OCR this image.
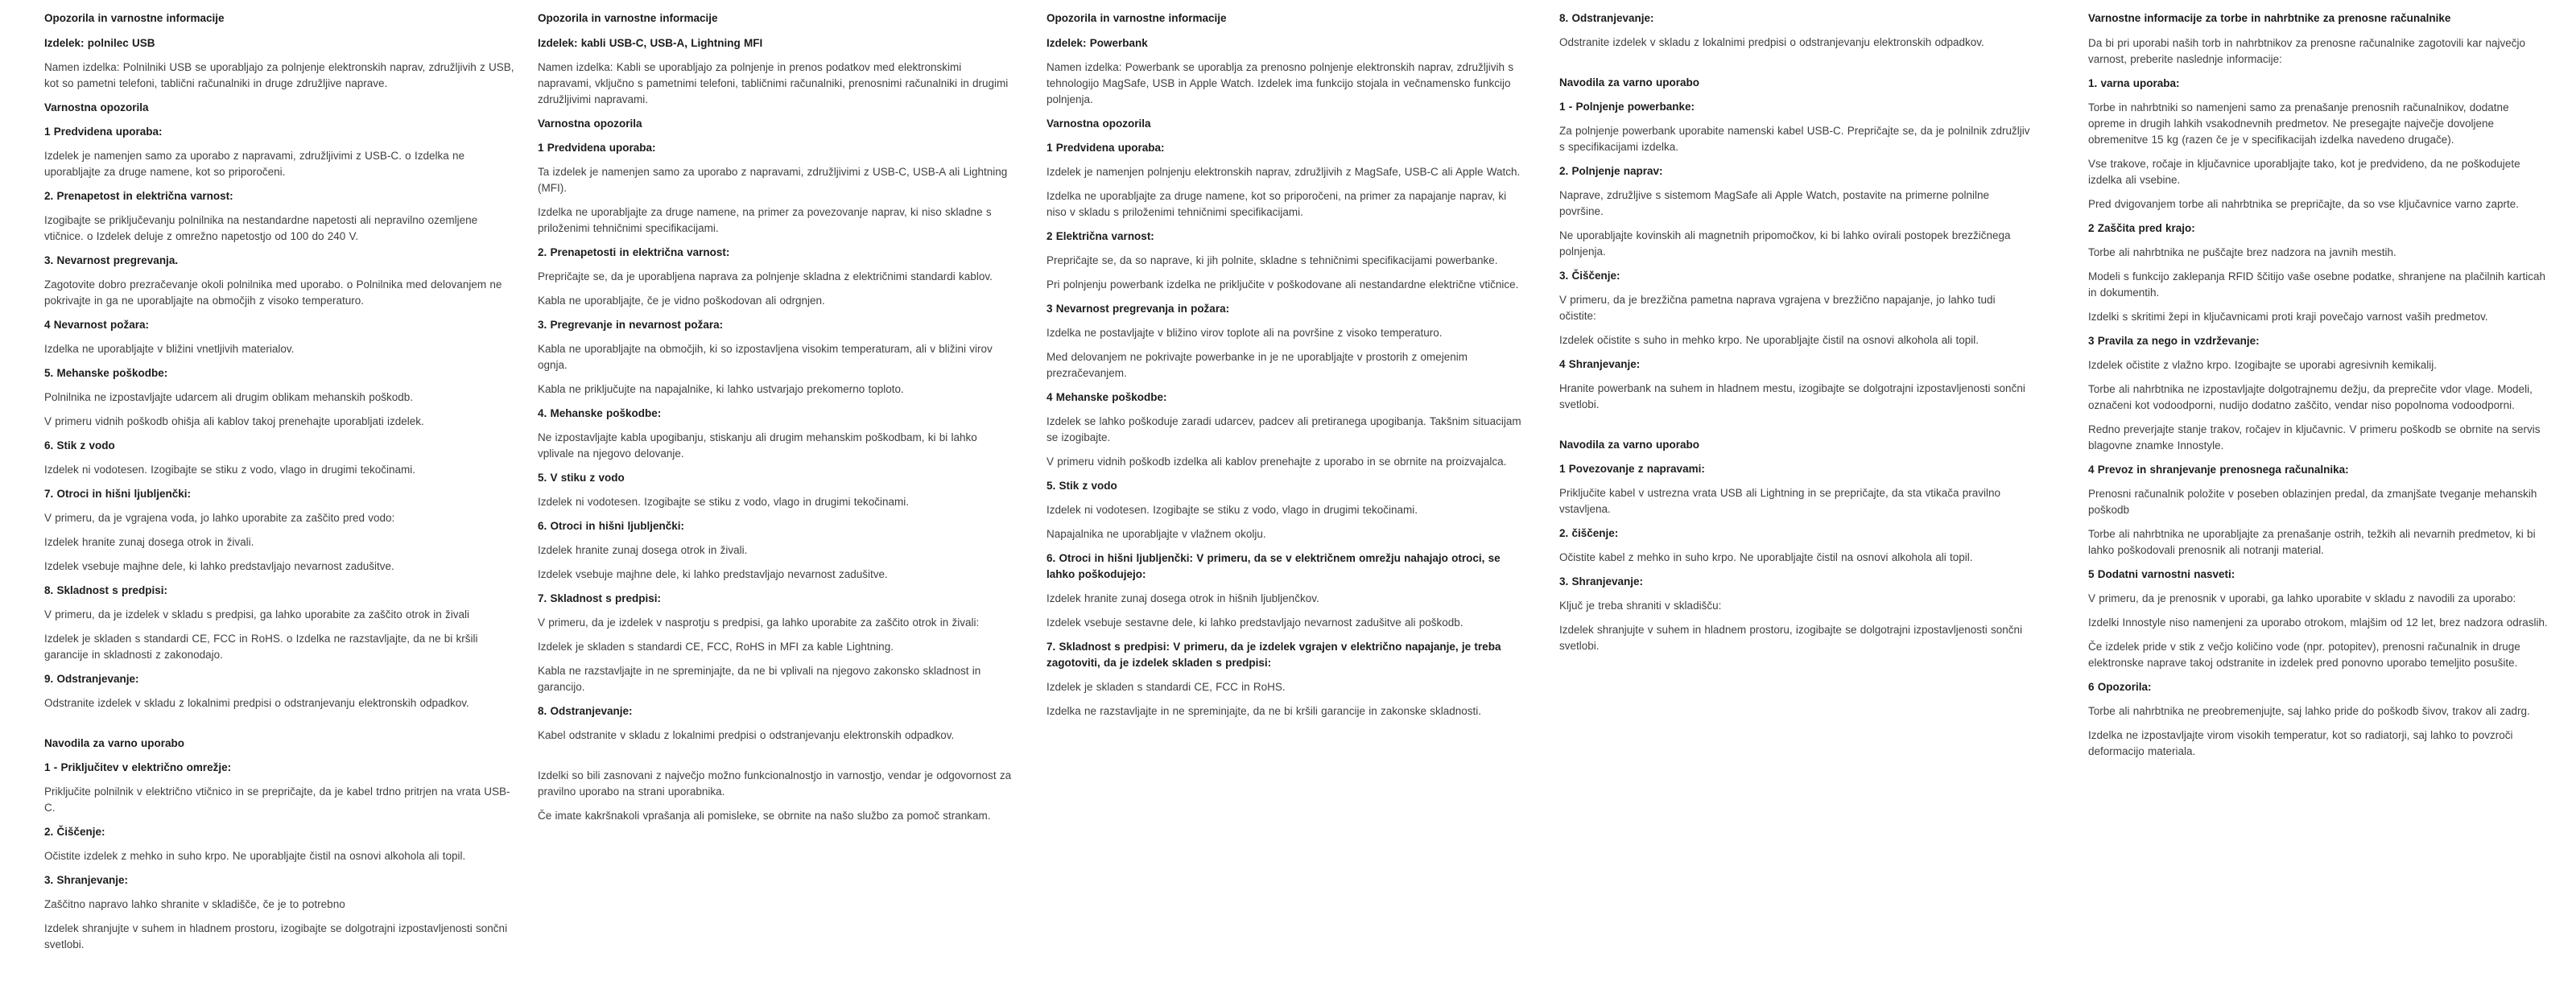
Opozorila in varnostne informacije
Izdelek: polnilec USB
Namen izdelka: Polnilniki USB se uporabljajo za polnjenje elektronskih naprav, združljivih z USB, kot so pametni telefoni, tablični računalniki in druge združljive naprave.
Varnostna opozorila
1 Predvidena uporaba:
Izdelek je namenjen samo za uporabo z napravami, združljivimi z USB-C. o Izdelka ne uporabljajte za druge namene, kot so priporočeni.
2. Prenapetost in električna varnost:
Izogibajte se priključevanju polnilnika na nestandardne napetosti ali nepravilno ozemljene vtičnice. o Izdelek deluje z omrežno napetostjo od 100 do 240 V.
3. Nevarnost pregrevanja.
Zagotovite dobro prezračevanje okoli polnilnika med uporabo. o Polnilnika med delovanjem ne pokrivajte in ga ne uporabljajte na območjih z visoko temperaturo.
4 Nevarnost požara:
Izdelka ne uporabljajte v bližini vnetljivih materialov.
5. Mehanske poškodbe:
Polnilnika ne izpostavljajte udarcem ali drugim oblikam mehanskih poškodb.
V primeru vidnih poškodb ohišja ali kablov takoj prenehajte uporabljati izdelek.
6. Stik z vodo
Izdelek ni vodotesen. Izogibajte se stiku z vodo, vlago in drugimi tekočinami.
7. Otroci in hišni ljubljenčki:
V primeru, da je vgrajena voda, jo lahko uporabite za zaščito pred vodo:
Izdelek hranite zunaj dosega otrok in živali.
Izdelek vsebuje majhne dele, ki lahko predstavljajo nevarnost zadušitve.
8. Skladnost s predpisi:
V primeru, da je izdelek v skladu s predpisi, ga lahko uporabite za zaščito otrok in živali
Izdelek je skladen s standardi CE, FCC in RoHS. o Izdelka ne razstavljajte, da ne bi kršili garancije in skladnosti z zakonodajo.
9. Odstranjevanje:
Odstranite izdelek v skladu z lokalnimi predpisi o odstranjevanju elektronskih odpadkov.
Navodila za varno uporabo
1 - Priključitev v električno omrežje:
Priključite polnilnik v električno vtičnico in se prepričajte, da je kabel trdno pritrjen na vrata USB-C.
2. Čiščenje:
Očistite izdelek z mehko in suho krpo. Ne uporabljajte čistil na osnovi alkohola ali topil.
3. Shranjevanje:
Zaščitno napravo lahko shranite v skladišče, če je to potrebno
Izdelek shranjujte v suhem in hladnem prostoru, izogibajte se dolgotrajni izpostavljenosti sončni svetlobi.
Opozorila in varnostne informacije
Izdelek: kabli USB-C, USB-A, Lightning MFI
Namen izdelka: Kabli se uporabljajo za polnjenje in prenos podatkov med elektronskimi napravami, vključno s pametnimi telefoni, tabličnimi računalniki, prenosnimi računalniki in drugimi združljivimi napravami.
Varnostna opozorila
1 Predvidena uporaba:
Ta izdelek je namenjen samo za uporabo z napravami, združljivimi z USB-C, USB-A ali Lightning (MFI).
Izdelka ne uporabljajte za druge namene, na primer za povezovanje naprav, ki niso skladne s priloženimi tehničnimi specifikacijami.
2. Prenapetosti in električna varnost:
Prepričajte se, da je uporabljena naprava za polnjenje skladna z električnimi standardi kablov.
Kabla ne uporabljajte, če je vidno poškodovan ali odrgnjen.
3. Pregrevanje in nevarnost požara:
Kabla ne uporabljajte na območjih, ki so izpostavljena visokim temperaturam, ali v bližini virov ognja.
Kabla ne priključujte na napajalnike, ki lahko ustvarjajo prekomerno toploto.
4. Mehanske poškodbe:
Ne izpostavljajte kabla upogibanju, stiskanju ali drugim mehanskim poškodbam, ki bi lahko vplivale na njegovo delovanje.
5. V stiku z vodo
Izdelek ni vodotesen. Izogibajte se stiku z vodo, vlago in drugimi tekočinami.
6. Otroci in hišni ljubljenčki:
Izdelek hranite zunaj dosega otrok in živali.
Izdelek vsebuje majhne dele, ki lahko predstavljajo nevarnost zadušitve.
7. Skladnost s predpisi:
V primeru, da je izdelek v nasprotju s predpisi, ga lahko uporabite za zaščito otrok in živali:
Izdelek je skladen s standardi CE, FCC, RoHS in MFI za kable Lightning.
Kabla ne razstavljajte in ne spreminjajte, da ne bi vplivali na njegovo zakonsko skladnost in garancijo.
8. Odstranjevanje:
Kabel odstranite v skladu z lokalnimi predpisi o odstranjevanju elektronskih odpadkov.
Izdelki so bili zasnovani z največjo možno funkcionalnostjo in varnostjo, vendar je odgovornost za pravilno uporabo na strani uporabnika.
Če imate kakršnakoli vprašanja ali pomisleke, se obrnite na našo službo za pomoč strankam.
Opozorila in varnostne informacije
Izdelek: Powerbank
Namen izdelka: Powerbank se uporablja za prenosno polnjenje elektronskih naprav, združljivih s tehnologijo MagSafe, USB in Apple Watch. Izdelek ima funkcijo stojala in večnamensko funkcijo polnjenja.
Varnostna opozorila
1 Predvidena uporaba:
Izdelek je namenjen polnjenju elektronskih naprav, združljivih z MagSafe, USB-C ali Apple Watch.
Izdelka ne uporabljajte za druge namene, kot so priporočeni, na primer za napajanje naprav, ki niso v skladu s priloženimi tehničnimi specifikacijami.
2 Električna varnost:
Prepričajte se, da so naprave, ki jih polnite, skladne s tehničnimi specifikacijami powerbanke.
Pri polnjenju powerbank izdelka ne priključite v poškodovane ali nestandardne električne vtičnice.
3 Nevarnost pregrevanja in požara:
Izdelka ne postavljajte v bližino virov toplote ali na površine z visoko temperaturo.
Med delovanjem ne pokrivajte powerbanke in je ne uporabljajte v prostorih z omejenim prezračevanjem.
4 Mehanske poškodbe:
Izdelek se lahko poškoduje zaradi udarcev, padcev ali pretiranega upogibanja. Takšnim situacijam se izogibajte.
V primeru vidnih poškodb izdelka ali kablov prenehajte z uporabo in se obrnite na proizvajalca.
5. Stik z vodo
Izdelek ni vodotesen. Izogibajte se stiku z vodo, vlago in drugimi tekočinami.
Napajalnika ne uporabljajte v vlažnem okolju.
6. Otroci in hišni ljubljenčki: V primeru, da se v električnem omrežju nahajajo otroci, se lahko poškodujejo:
Izdelek hranite zunaj dosega otrok in hišnih ljubljenčkov.
Izdelek vsebuje sestavne dele, ki lahko predstavljajo nevarnost zadušitve ali poškodb.
7. Skladnost s predpisi: V primeru, da je izdelek vgrajen v električno napajanje, je treba zagotoviti, da je izdelek skladen s predpisi:
Izdelek je skladen s standardi CE, FCC in RoHS.
Izdelka ne razstavljajte in ne spreminjajte, da ne bi kršili garancije in zakonske skladnosti.
8. Odstranjevanje:
Odstranite izdelek v skladu z lokalnimi predpisi o odstranjevanju elektronskih odpadkov.
Navodila za varno uporabo
1 - Polnjenje powerbanke:
Za polnjenje powerbank uporabite namenski kabel USB-C. Prepričajte se, da je polnilnik združljiv s specifikacijami izdelka.
2. Polnjenje naprav:
Naprave, združljive s sistemom MagSafe ali Apple Watch, postavite na primerne polnilne površine.
Ne uporabljajte kovinskih ali magnetnih pripomočkov, ki bi lahko ovirali postopek brezžičnega polnjenja.
3. Čiščenje:
V primeru, da je brezžična pametna naprava vgrajena v brezžično napajanje, jo lahko tudi očistite:
Izdelek očistite s suho in mehko krpo. Ne uporabljajte čistil na osnovi alkohola ali topil.
4 Shranjevanje:
Hranite powerbank na suhem in hladnem mestu, izogibajte se dolgotrajni izpostavljenosti sončni svetlobi.
Navodila za varno uporabo
1 Povezovanje z napravami:
Priključite kabel v ustrezna vrata USB ali Lightning in se prepričajte, da sta vtikača pravilno vstavljena.
2. čiščenje:
Očistite kabel z mehko in suho krpo. Ne uporabljajte čistil na osnovi alkohola ali topil.
3. Shranjevanje:
Ključ je treba shraniti v skladišču:
Izdelek shranjujte v suhem in hladnem prostoru, izogibajte se dolgotrajni izpostavljenosti sončni svetlobi.
Varnostne informacije za torbe in nahrbtnike za prenosne računalnike
Da bi pri uporabi naših torb in nahrbtnikov za prenosne računalnike zagotovili kar največjo varnost, preberite naslednje informacije:
1. varna uporaba:
Torbe in nahrbtniki so namenjeni samo za prenašanje prenosnih računalnikov, dodatne opreme in drugih lahkih vsakodnevnih predmetov. Ne presegajte največje dovoljene obremenitve 15 kg (razen če je v specifikacijah izdelka navedeno drugače).
Vse trakove, ročaje in ključavnice uporabljajte tako, kot je predvideno, da ne poškodujete izdelka ali vsebine.
Pred dvigovanjem torbe ali nahrbtnika se prepričajte, da so vse ključavnice varno zaprte.
2 Zaščita pred krajo:
Torbe ali nahrbtnika ne puščajte brez nadzora na javnih mestih.
Modeli s funkcijo zaklepanja RFID ščitijo vaše osebne podatke, shranjene na plačilnih karticah in dokumentih.
Izdelki s skritimi žepi in ključavnicami proti kraji povečajo varnost vaših predmetov.
3 Pravila za nego in vzdrževanje:
Izdelek očistite z vlažno krpo. Izogibajte se uporabi agresivnih kemikalij.
Torbe ali nahrbtnika ne izpostavljajte dolgotrajnemu dežju, da preprečite vdor vlage. Modeli, označeni kot vodoodporni, nudijo dodatno zaščito, vendar niso popolnoma vodoodporni.
Redno preverjajte stanje trakov, ročajev in ključavnic. V primeru poškodb se obrnite na servis blagovne znamke Innostyle.
4 Prevoz in shranjevanje prenosnega računalnika:
Prenosni računalnik položite v poseben oblazinjen predal, da zmanjšate tveganje mehanskih poškodb
Torbe ali nahrbtnika ne uporabljajte za prenašanje ostrih, težkih ali nevarnih predmetov, ki bi lahko poškodovali prenosnik ali notranji material.
5 Dodatni varnostni nasveti:
V primeru, da je prenosnik v uporabi, ga lahko uporabite v skladu z navodili za uporabo:
Izdelki Innostyle niso namenjeni za uporabo otrokom, mlajšim od 12 let, brez nadzora odraslih.
Če izdelek pride v stik z večjo količino vode (npr. potopitev), prenosni računalnik in druge elektronske naprave takoj odstranite in izdelek pred ponovno uporabo temeljito posušite.
6 Opozorila:
Torbe ali nahrbtnika ne preobremenjujte, saj lahko pride do poškodb šivov, trakov ali zadrg.
Izdelka ne izpostavljajte virom visokih temperatur, kot so radiatorji, saj lahko to povzroči deformacijo materiala.
